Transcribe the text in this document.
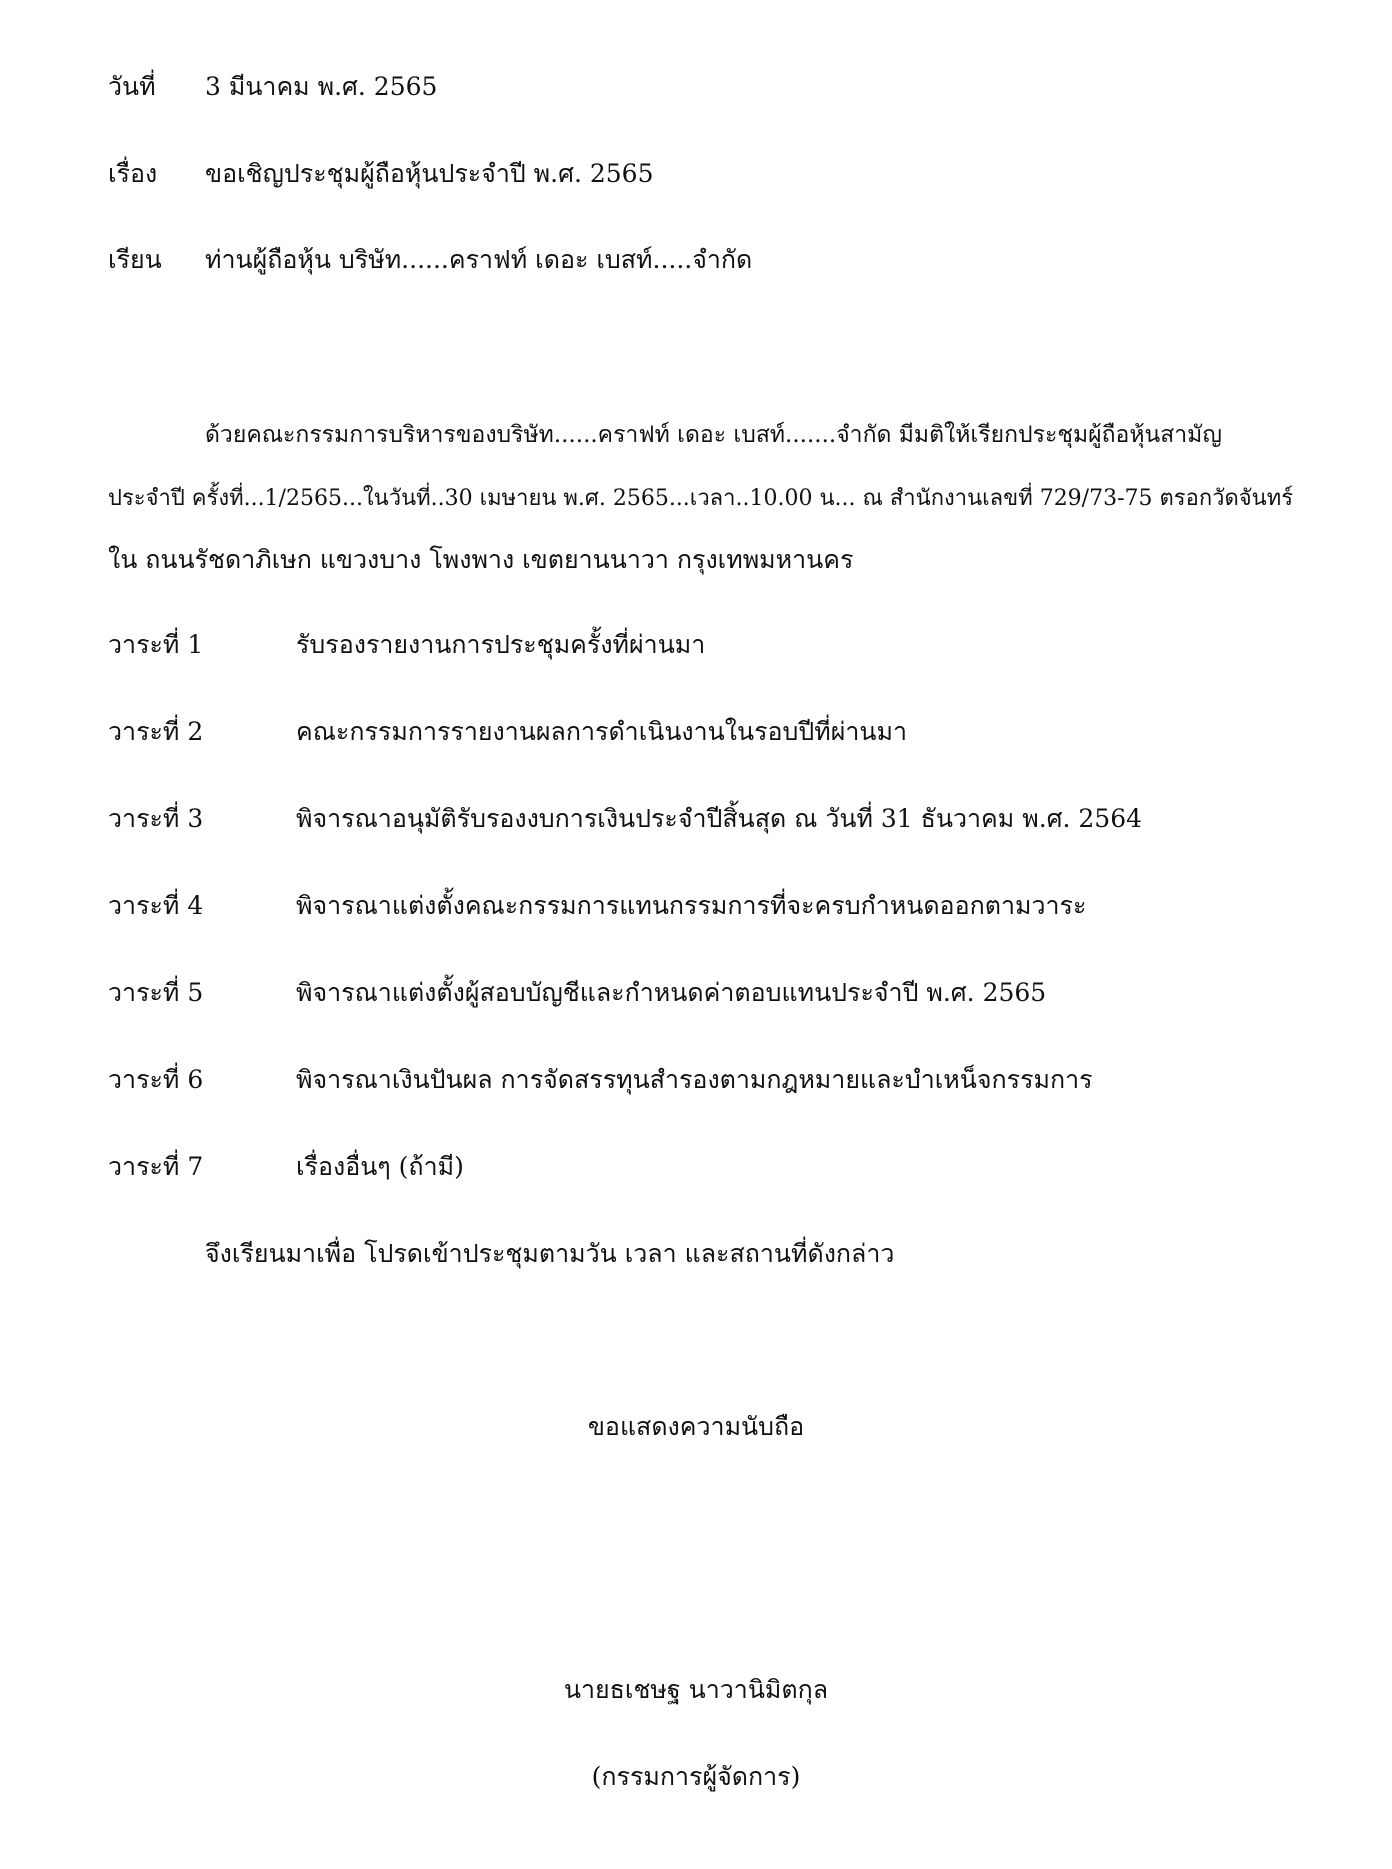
วันที่ 3 มีนาคม พ.ศ. 2565
เรื่อง ขอเชิญประชุมผู้ถือหุ้นประจำปี พ.ศ. 2565
เรียน ท่านผู้ถือหุ้น บริษัท......คราฟท์ เดอะ เบสท์.....จำกัด
ด้วยคณะกรรมการบริหารของบริษัท......คราฟท์ เดอะ เบสท์.......จำกัด มีมติให้เรียกประชุมผู้ถือหุ้นสามัญ
ประจำปี ครั้งที่...1/2565...ในวันที่..30 เมษายน พ.ศ. 2565...เวลา..10.00 น... ณ สำนักงานเลขที่ 729/73-75 ตรอกวัดจันทร์
ใน ถนนรัชดาภิเษก แขวงบาง โพงพาง เขตยานนาวา กรุงเทพมหานคร
วาระที่ 1	รับรองรายงานการประชุมครั้งที่ผ่านมา
วาระที่ 2	คณะกรรมการรายงานผลการดำเนินงานในรอบปีที่ผ่านมา
วาระที่ 3	พิจารณาอนุมัติรับรองงบการเงินประจำปีสิ้นสุด ณ วันที่ 31 ธันวาคม พ.ศ. 2564
วาระที่ 4	พิจารณาแต่งตั้งคณะกรรมการแทนกรรมการที่จะครบกำหนดออกตามวาระ
วาระที่ 5	พิจารณาแต่งตั้งผู้สอบบัญชีและกำหนดค่าตอบแทนประจำปี พ.ศ. 2565
วาระที่ 6	พิจารณาเงินปันผล การจัดสรรทุนสำรองตามกฎหมายและบำเหน็จกรรมการ
วาระที่ 7	เรื่องอื่นๆ (ถ้ามี)
จึงเรียนมาเพื่อ โปรดเข้าประชุมตามวัน เวลา และสถานที่ดังกล่าว
ขอแสดงความนับถือ
นายธเชษฐ นาวานิมิตกุล
(กรรมการผู้จัดการ)
